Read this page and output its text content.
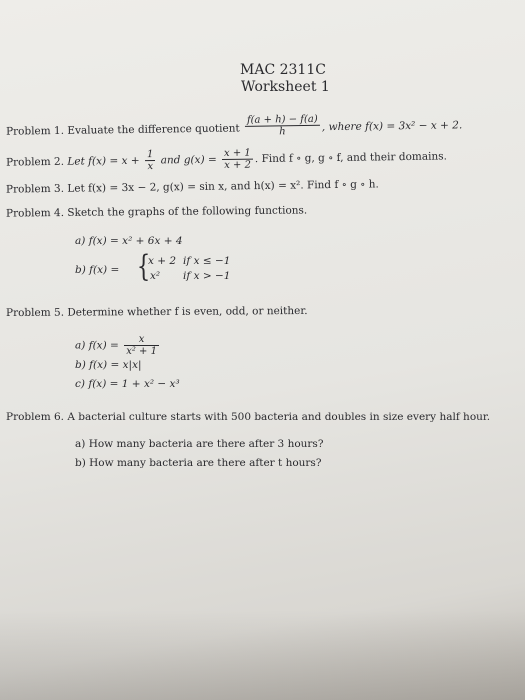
MAC 2311C
Worksheet 1
Problem 1. Evaluate the difference quotient $\frac{f(a + h) - f(a)}{h}$ , where f(x) = 3x² − x + 2.
Problem 2. Let $f(x) = x + \frac{1}{x}$ and $g(x) = \frac{x + 1}{x + 2}$ . Find f ∘ g, g ∘ f, and their domains.
Problem 3. Let f(x) = 3x − 2, g(x) = sin x, and h(x) = x². Find f ∘ g ∘ h.
Problem 4. Sketch the graphs of the following functions.
a) f(x) = x² + 6x + 4
b) f(x) = {
x + 2 if x ≤ −1
x² if x > −1
Problem 5. Determine whether f is even, odd, or neither.
a) $f(x) = \frac{x}{\text{x² + 1}}$
b) f(x) = x|x|
c) f(x) = 1 + x² − x³
Problem 6. A bacterial culture starts with 500 bacteria and doubles in size every half hour.
a) How many bacteria are there after 3 hours?
b) How many bacteria are there after t hours?
